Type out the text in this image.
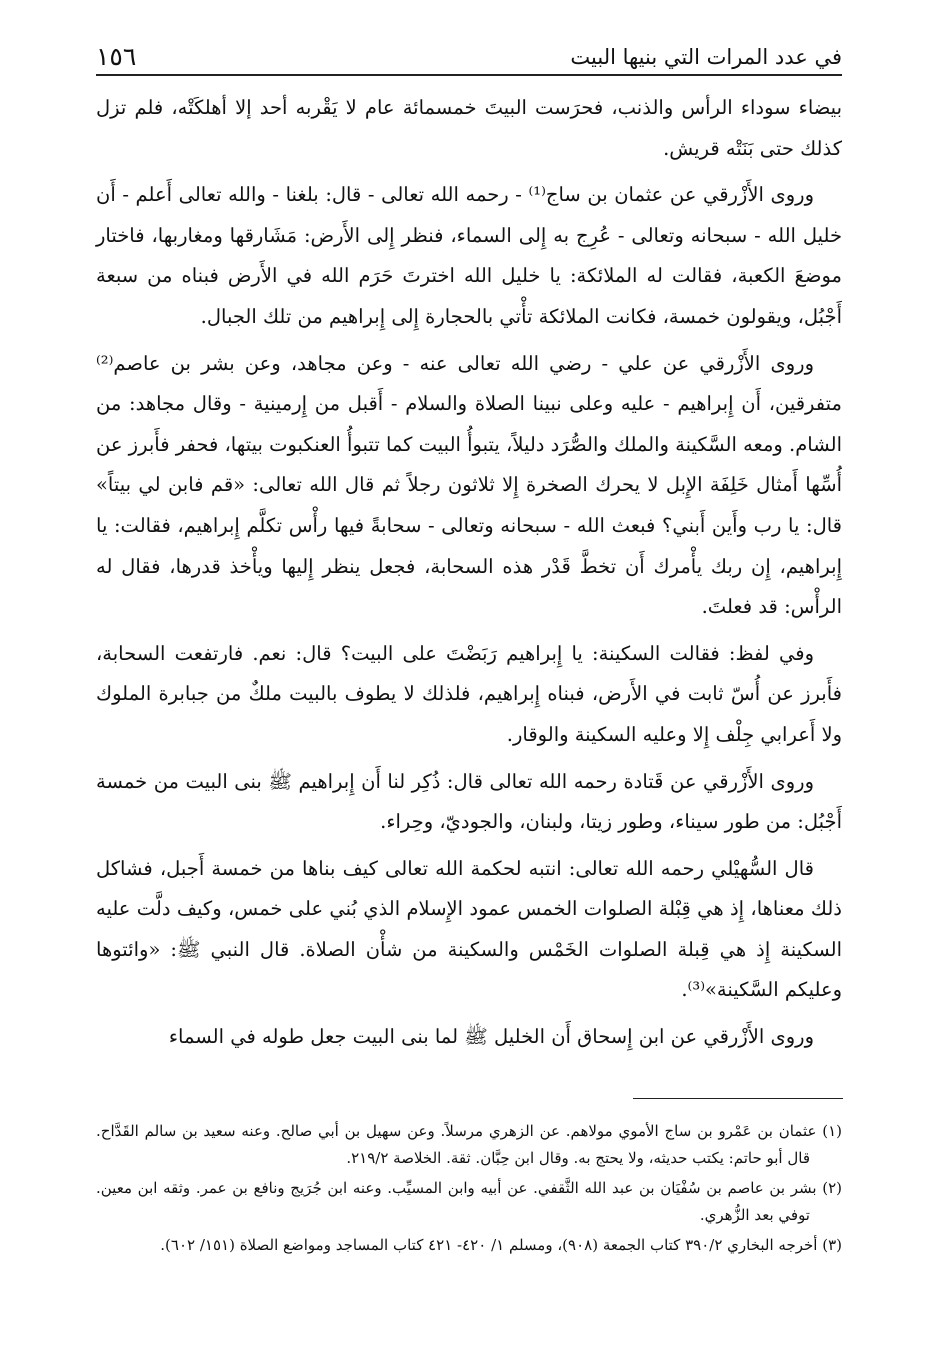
في عدد المرات التي بنيها البيت
١٥٦

بيضاء سوداء الرأس والذنب، فحرَست البيتَ خمسمائة عام لا يَقْربه أحد إلا أهلكَتْه، فلم تزل كذلك حتى بَنَتْه قريش.

وروى الأَزْرقي عن عثمان بن ساج⁽¹⁾ - رحمه الله تعالى - قال: بلغنا - والله تعالى أَعلم - أَن خليل الله - سبحانه وتعالى - عُرِج به إِلى السماء، فنظر إِلى الأَرض: مَشَارقها ومغاربها، فاختار موضعَ الكعبة، فقالت له الملائكة: يا خليل الله اخترتَ حَرَم الله في الأَرض فبناه من سبعة أَجْبُل، ويقولون خمسة، فكانت الملائكة تأْتي بالحجارة إِلى إِبراهيم من تلك الجبال.

وروى الأَزْرقي عن علي - رضي الله تعالى عنه - وعن مجاهد، وعن بشر بن عاصم⁽²⁾ متفرقين، أَن إِبراهيم - عليه وعلى نبينا الصلاة والسلام - أَقبل من إِرمينية - وقال مجاهد: من الشام. ومعه السَّكينة والملك والصُّرَد دليلاً، يتبوأُ البيت كما تتبوأُ العنكبوت بيتها، فحفر فأَبرز عن أُسِّها أَمثال خَلِفَة الإِبل لا يحرك الصخرة إِلا ثلاثون رجلاً ثم قال الله تعالى: «قم فابن لي بيتاً» قال: يا رب وأَين أَبني؟ فبعث الله - سبحانه وتعالى - سحابةً فيها رأْس تكلَّم إِبراهيم، فقالت: يا إِبراهيم، إِن ربك يأْمرك أَن تخطَّ قَدْر هذه السحابة، فجعل ينظر إِليها ويأْخذ قدرها، فقال له الرأْس: قد فعلتَ.

وفي لفظ: فقالت السكينة: يا إِبراهيم رَبَضْتَ على البيت؟ قال: نعم. فارتفعت السحابة، فأَبرز عن أُسّ ثابت في الأَرض، فبناه إِبراهيم، فلذلك لا يطوف بالبيت ملكٌ من جبابرة الملوك ولا أَعرابي جِلْف إِلا وعليه السكينة والوقار.

وروى الأَزْرقي عن قَتادة رحمه الله تعالى قال: ذُكِر لنا أَن إِبراهيم ﷺ بنى البيت من خمسة أَجْبُل: من طور سيناء، وطور زيتا، ولبنان، والجوديّ، وحِراء.

قال السُّهيْلي رحمه الله تعالى: انتبه لحكمة الله تعالى كيف بناها من خمسة أَجبل، فشاكل ذلك معناها، إِذ هي قِبْلة الصلوات الخمس عمود الإِسلام الذي بُني على خمس، وكيف دلَّت عليه السكينة إِذ هي قِبلة الصلوات الخَمْس والسكينة من شأْن الصلاة. قال النبي ﷺ: «وائتوها وعليكم السَّكينة»⁽³⁾.

وروى الأَزْرقي عن ابن إِسحاق أَن الخليل ﷺ لما بنى البيت جعل طوله في السماء

(١) عثمان بن عَمْرو بن ساج الأموي مولاهم. عن الزهري مرسلاً. وعن سهيل بن أبي صالح. وعنه سعيد بن سالم القَدَّاح. قال أبو حاتم: يكتب حديثه، ولا يحتج به. وقال ابن حِبَّان. ثقة. الخلاصة ٢١٩/٢.

(٢) بشر بن عاصم بن سُفْيَان بن عبد الله الثَّقفي. عن أبيه وابن المسيِّب. وعنه ابن جُرَيج ونافع بن عمر. وثقه ابن معين. توفي بعد الزُّهري.

(٣) أخرجه البخاري ٣٩٠/٢ كتاب الجمعة (٩٠٨)، ومسلم ١/ ٤٢٠- ٤٢١ كتاب المساجد ومواضع الصلاة (١٥١/ ٦٠٢).
